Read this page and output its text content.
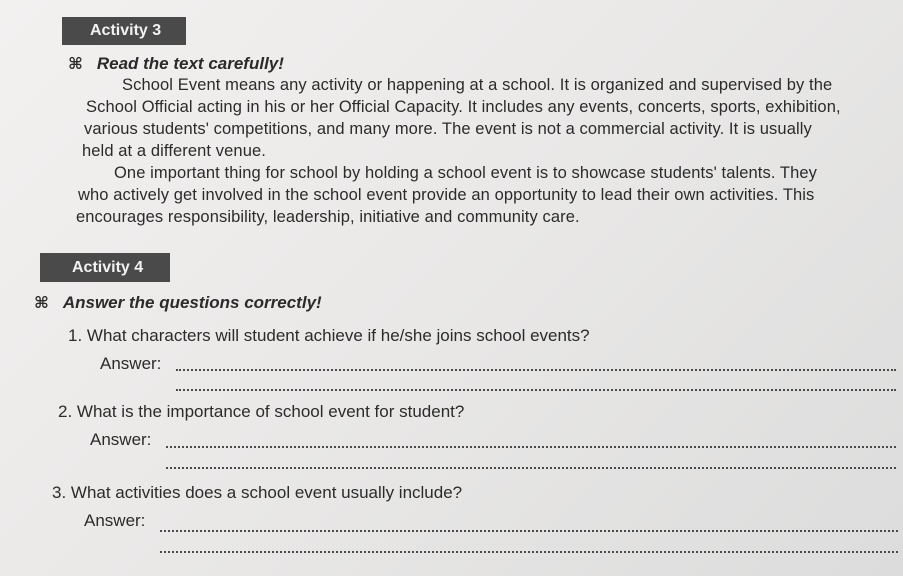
Activity 3
⌘ Read the text carefully!
School Event means any activity or happening at a school. It is organized and supervised by the
School Official acting in his or her Official Capacity. It includes any events, concerts, sports, exhibition,
various students' competitions, and many more. The event is not a commercial activity. It is usually
held at a different venue.
One important thing for school by holding a school event is to showcase students' talents. They
who actively get involved in the school event provide an opportunity to lead their own activities. This
encourages responsibility, leadership, initiative and community care.
Activity 4
⌘ Answer the questions correctly!
1. What characters will student achieve if he/she joins school events?
Answer:
2. What is the importance of school event for student?
Answer:
3. What activities does a school event usually include?
Answer:
